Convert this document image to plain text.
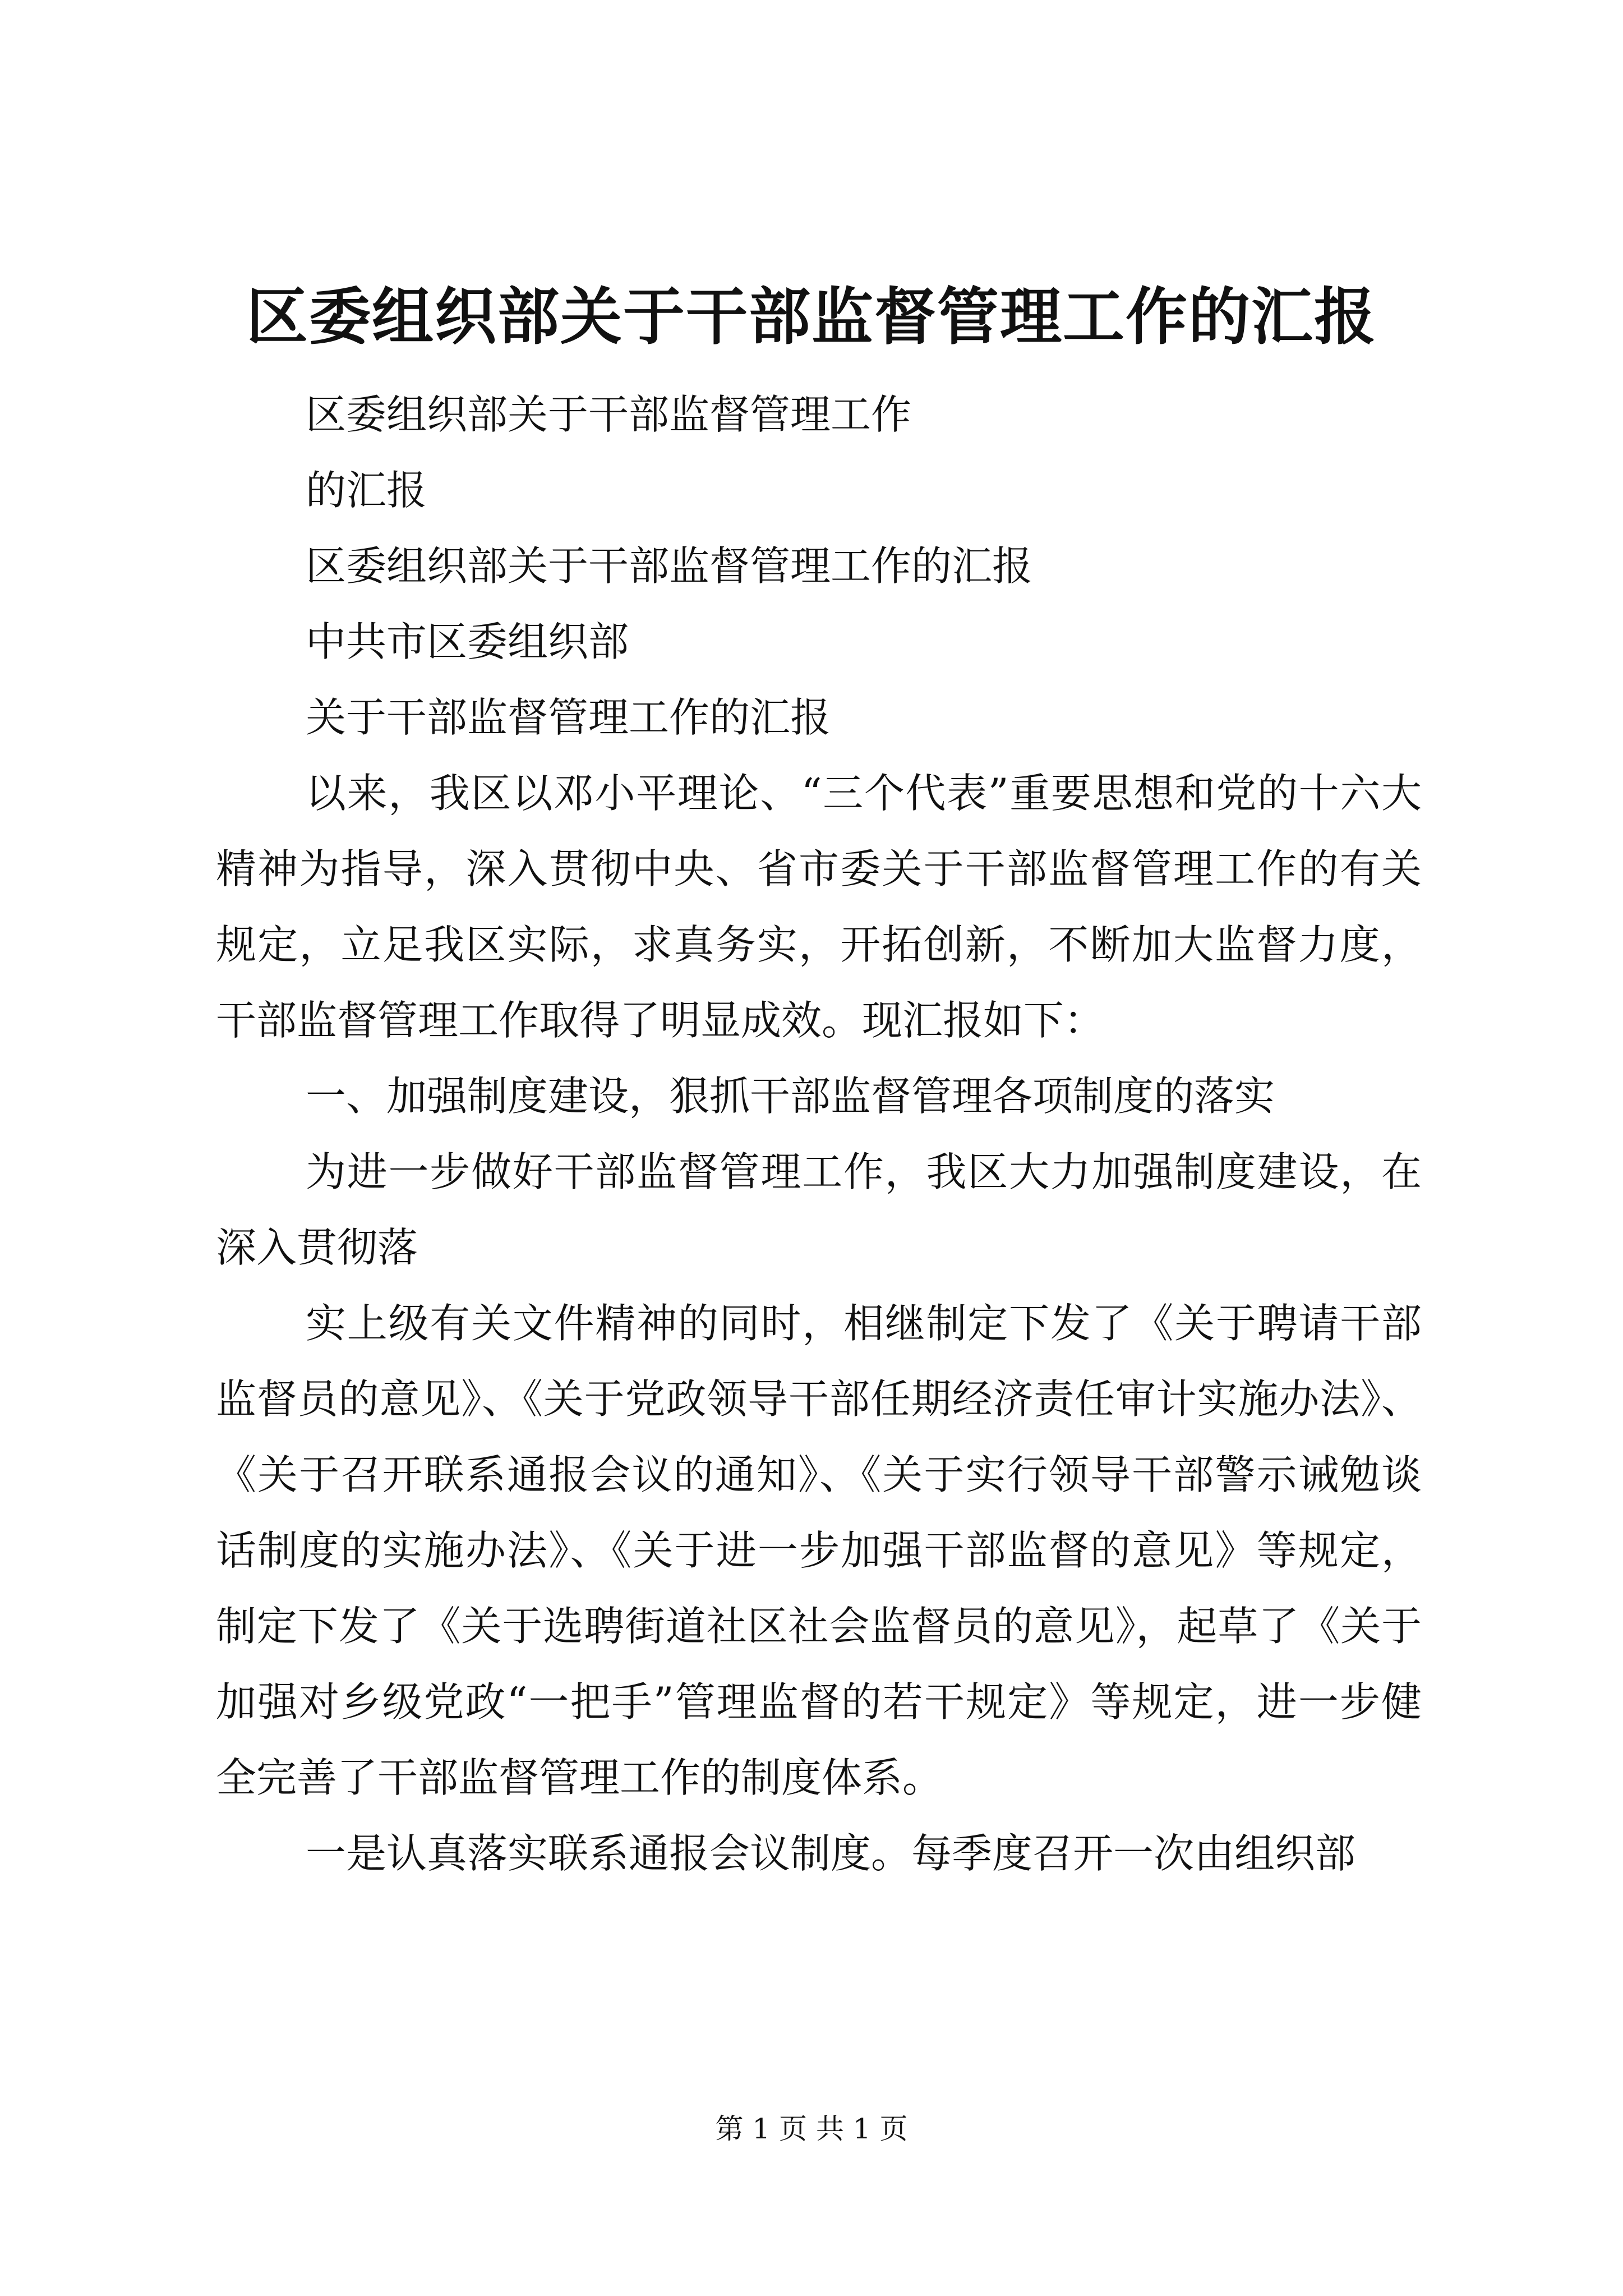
区委组织部关于干部监督管理工作的汇报

区委组织部关于干部监督管理工作

的汇报

区委组织部关于干部监督管理工作的汇报

中共市区委组织部

关于干部监督管理工作的汇报

以来，我区以邓小平理论、“三个代表”重要思想和党的十六大精神为指导，深入贯彻中央、省市委关于干部监督管理工作的有关规定，立足我区实际，求真务实，开拓创新，不断加大监督力度，干部监督管理工作取得了明显成效。现汇报如下：

一、加强制度建设，狠抓干部监督管理各项制度的落实

为进一步做好干部监督管理工作，我区大力加强制度建设，在深入贯彻落

实上级有关文件精神的同时，相继制定下发了《关于聘请干部监督员的意见》、《关于党政领导干部任期经济责任审计实施办法》、《关于召开联系通报会议的通知》、《关于实行领导干部警示诫勉谈话制度的实施办法》、《关于进一步加强干部监督的意见》等规定，制定下发了《关于选聘街道社区社会监督员的意见》，起草了《关于加强对乡级党政“一把手”管理监督的若干规定》等规定，进一步健全完善了干部监督管理工作的制度体系。

一是认真落实联系通报会议制度。每季度召开一次由组织部

第 1 页 共 1 页
